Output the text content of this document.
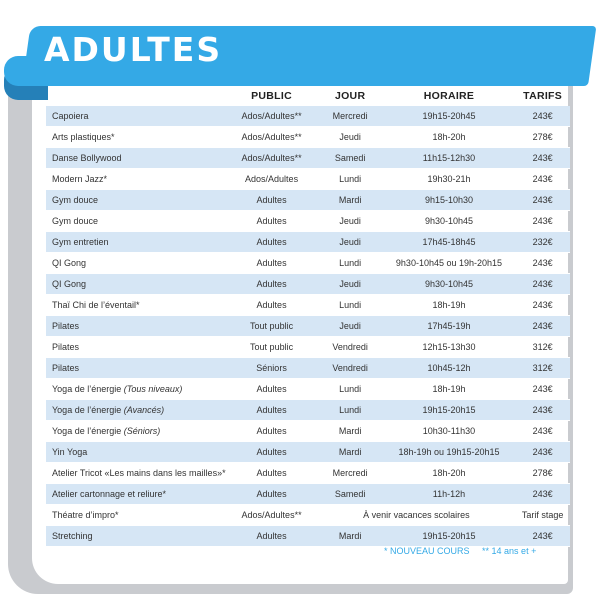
ADULTES
	PUBLIC	JOUR	HORAIRE	TARIFS
Capoiera	Ados/Adultes**	Mercredi	19h15-20h45	243€
Arts plastiques*	Ados/Adultes**	Jeudi	18h-20h	278€
Danse Bollywood	Ados/Adultes**	Samedi	11h15-12h30	243€
Modern Jazz*	Ados/Adultes	Lundi	19h30-21h	243€
Gym douce	Adultes	Mardi	9h15-10h30	243€
Gym douce	Adultes	Jeudi	9h30-10h45	243€
Gym entretien	Adultes	Jeudi	17h45-18h45	232€
QI Gong	Adultes	Lundi	9h30-10h45 ou 19h-20h15	243€
QI Gong	Adultes	Jeudi	9h30-10h45	243€
Thaï Chi de l’éventail*	Adultes	Lundi	18h-19h	243€
Pilates	Tout public	Jeudi	17h45-19h	243€
Pilates	Tout public	Vendredi	12h15-13h30	312€
Pilates	Séniors	Vendredi	10h45-12h	312€
Yoga de l’énergie (Tous niveaux)	Adultes	Lundi	18h-19h	243€
Yoga de l’énergie (Avancés)	Adultes	Lundi	19h15-20h15	243€
Yoga de l’énergie (Séniors)	Adultes	Mardi	10h30-11h30	243€
Yin Yoga	Adultes	Mardi	18h-19h ou 19h15-20h15	243€
Atelier Tricot «Les mains dans les mailles»*	Adultes	Mercredi	18h-20h	278€
Atelier cartonnage et reliure*	Adultes	Samedi	11h-12h	243€
Théatre d’impro*	Ados/Adultes**	À venir vacances scolaires		Tarif stage
Stretching	Adultes	Mardi	19h15-20h15	243€
* NOUVEAU COURS ** 14 ans et +
